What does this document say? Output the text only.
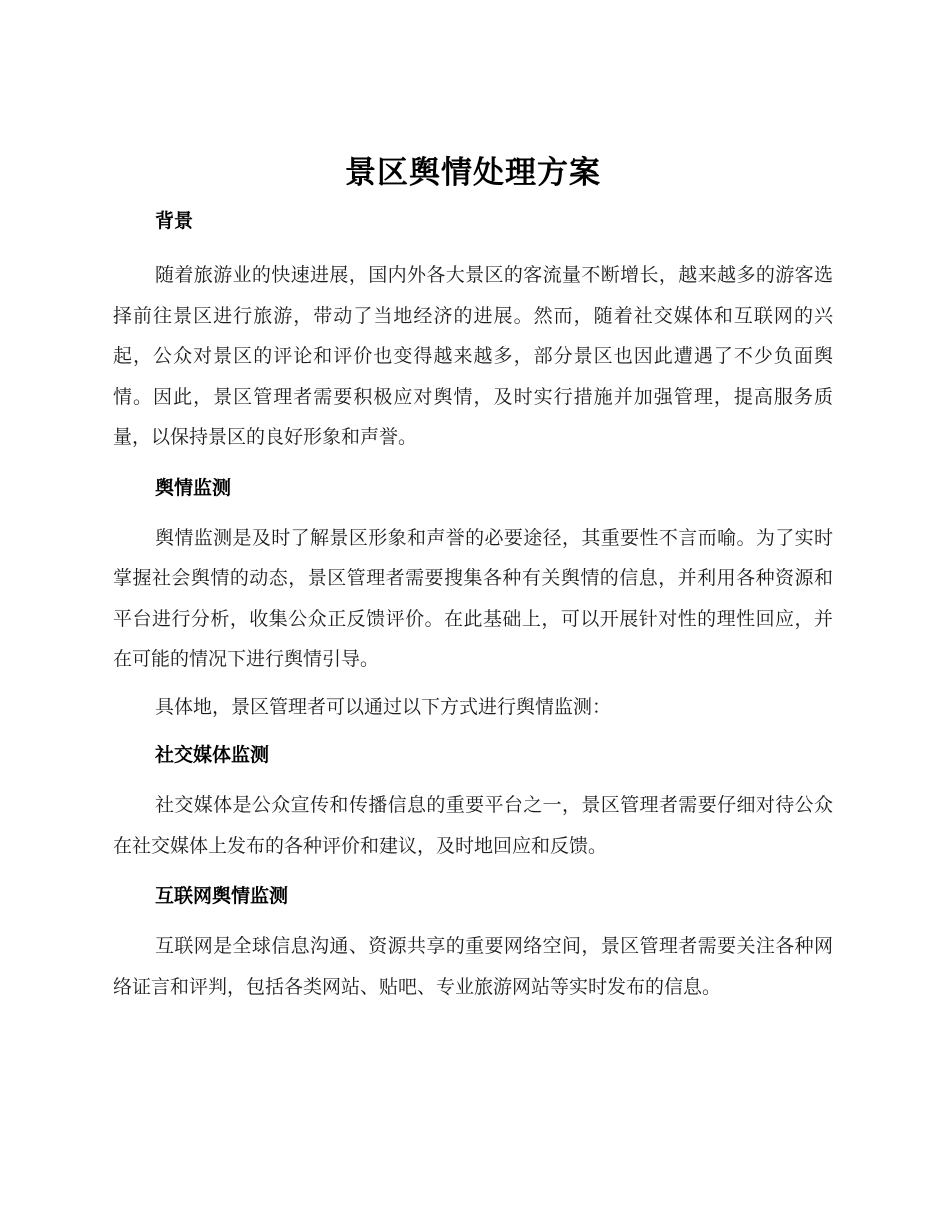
景区舆情处理方案
背景

随着旅游业的快速进展，国内外各大景区的客流量不断增长，越来越多的游客选择前往景区进行旅游，带动了当地经济的进展。然而，随着社交媒体和互联网的兴起，公众对景区的评论和评价也变得越来越多，部分景区也因此遭遇了不少负面舆情。因此，景区管理者需要积极应对舆情，及时实行措施并加强管理，提高服务质量，以保持景区的良好形象和声誉。

舆情监测

舆情监测是及时了解景区形象和声誉的必要途径，其重要性不言而喻。为了实时掌握社会舆情的动态，景区管理者需要搜集各种有关舆情的信息，并利用各种资源和平台进行分析，收集公众正反馈评价。在此基础上，可以开展针对性的理性回应，并在可能的情况下进行舆情引导。

具体地，景区管理者可以通过以下方式进行舆情监测：

社交媒体监测

社交媒体是公众宣传和传播信息的重要平台之一，景区管理者需要仔细对待公众在社交媒体上发布的各种评价和建议，及时地回应和反馈。

互联网舆情监测

互联网是全球信息沟通、资源共享的重要网络空间，景区管理者需要关注各种网络证言和评判，包括各类网站、贴吧、专业旅游网站等实时发布的信息。
